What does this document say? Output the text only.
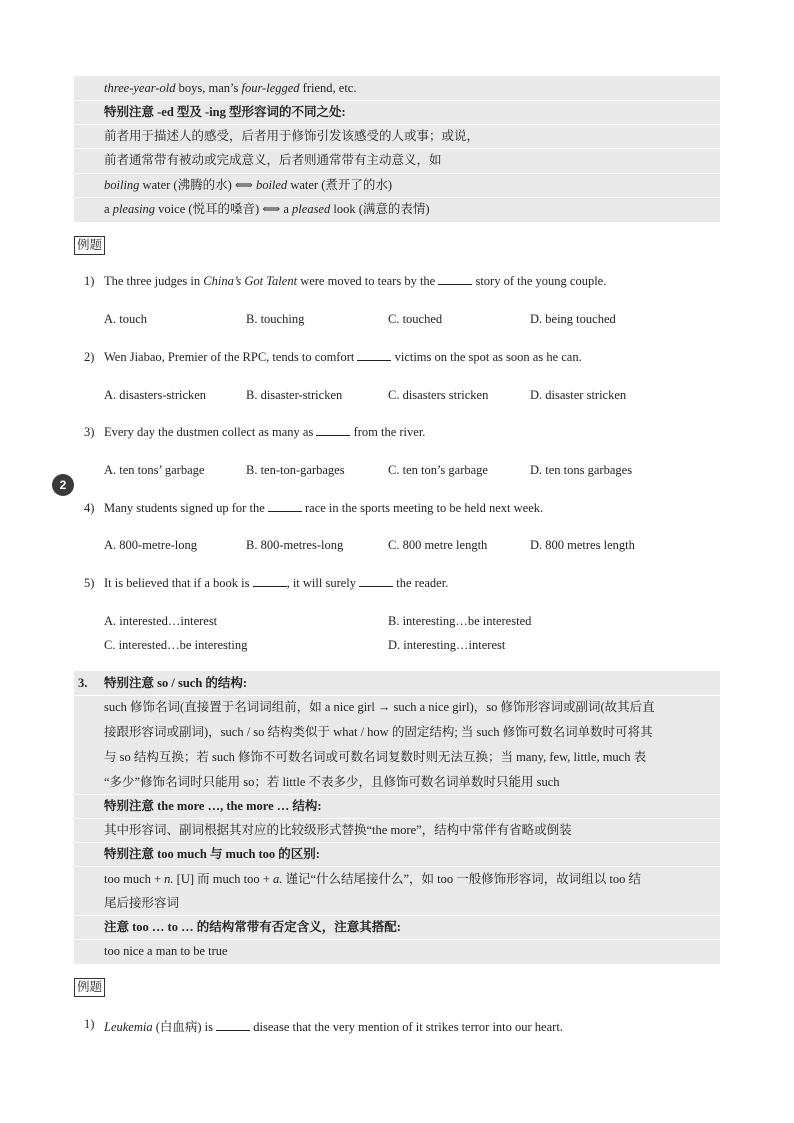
three-year-old boys, man’s four-legged friend, etc.
特别注意 -ed 型及 -ing 型形容词的不同之处:
前者用于描述人的感受，后者用于修饰引发该感受的人或事；或说，
前者通常带有被动或完成意义，后者则通常带有主动意义，如
boiling water (沸腾的水) ⟺ boiled water (煮开了的水)
a pleasing voice (悦耳的嗓音) ⟺ a pleased look (满意的表情)
例题
1) The three judges in China’s Got Talent were moved to tears by the	story of the young couple.
A. touch	B. touching	C. touched	D. being touched
2) Wen Jiabao, Premier of the RPC, tends to comfort	victims on the spot as soon as he can.
A. disasters-stricken	B. disaster-stricken	C. disasters stricken	D. disaster stricken
3) Every day the dustmen collect as many as	from the river.
A. ten tons’ garbage	B. ten-ton-garbages	C. ten ton’s garbage	D. ten tons garbages
2
4) Many students signed up for the	race in the sports meeting to be held next week.
A. 800-metre-long	B. 800-metres-long	C. 800 metre length	D. 800 metres length
5) It is believed that if a book is	, it will surely	the reader.
A. interested…interest	B. interesting…be interested
C. interested…be interesting	D. interesting…interest
3. 特别注意 so / such 的结构:
such 修饰名词(直接置于名词词组前，如 a nice girl → such a nice girl)，so 修饰形容词或副词(故其后直
接跟形容词或副词)，such / so 结构类似于 what / how 的固定结构; 当 such 修饰可数名词单数时可将其
与 so 结构互换；若 such 修饰不可数名词或可数名词复数时则无法互换；当 many, few, little, much 表
“多少”修饰名词时只能用 so；若 little 不表多少，且修饰可数名词单数时只能用 such
特别注意 the more …, the more … 结构:
其中形容词、副词根据其对应的比较级形式替换“the more”，结构中常伴有省略或倒装
特别注意 too much 与 much too 的区别:
too much + n. [U] 而 much too + a. 谨记“什么结尾接什么”，如 too 一般修饰形容词，故词组以 too 结
尾后接形容词
注意 too … to … 的结构常带有否定含义，注意其搭配:
too nice a man to be true
例题
1) Leukemia (白血病) is	disease that the very mention of it strikes terror into our heart.
